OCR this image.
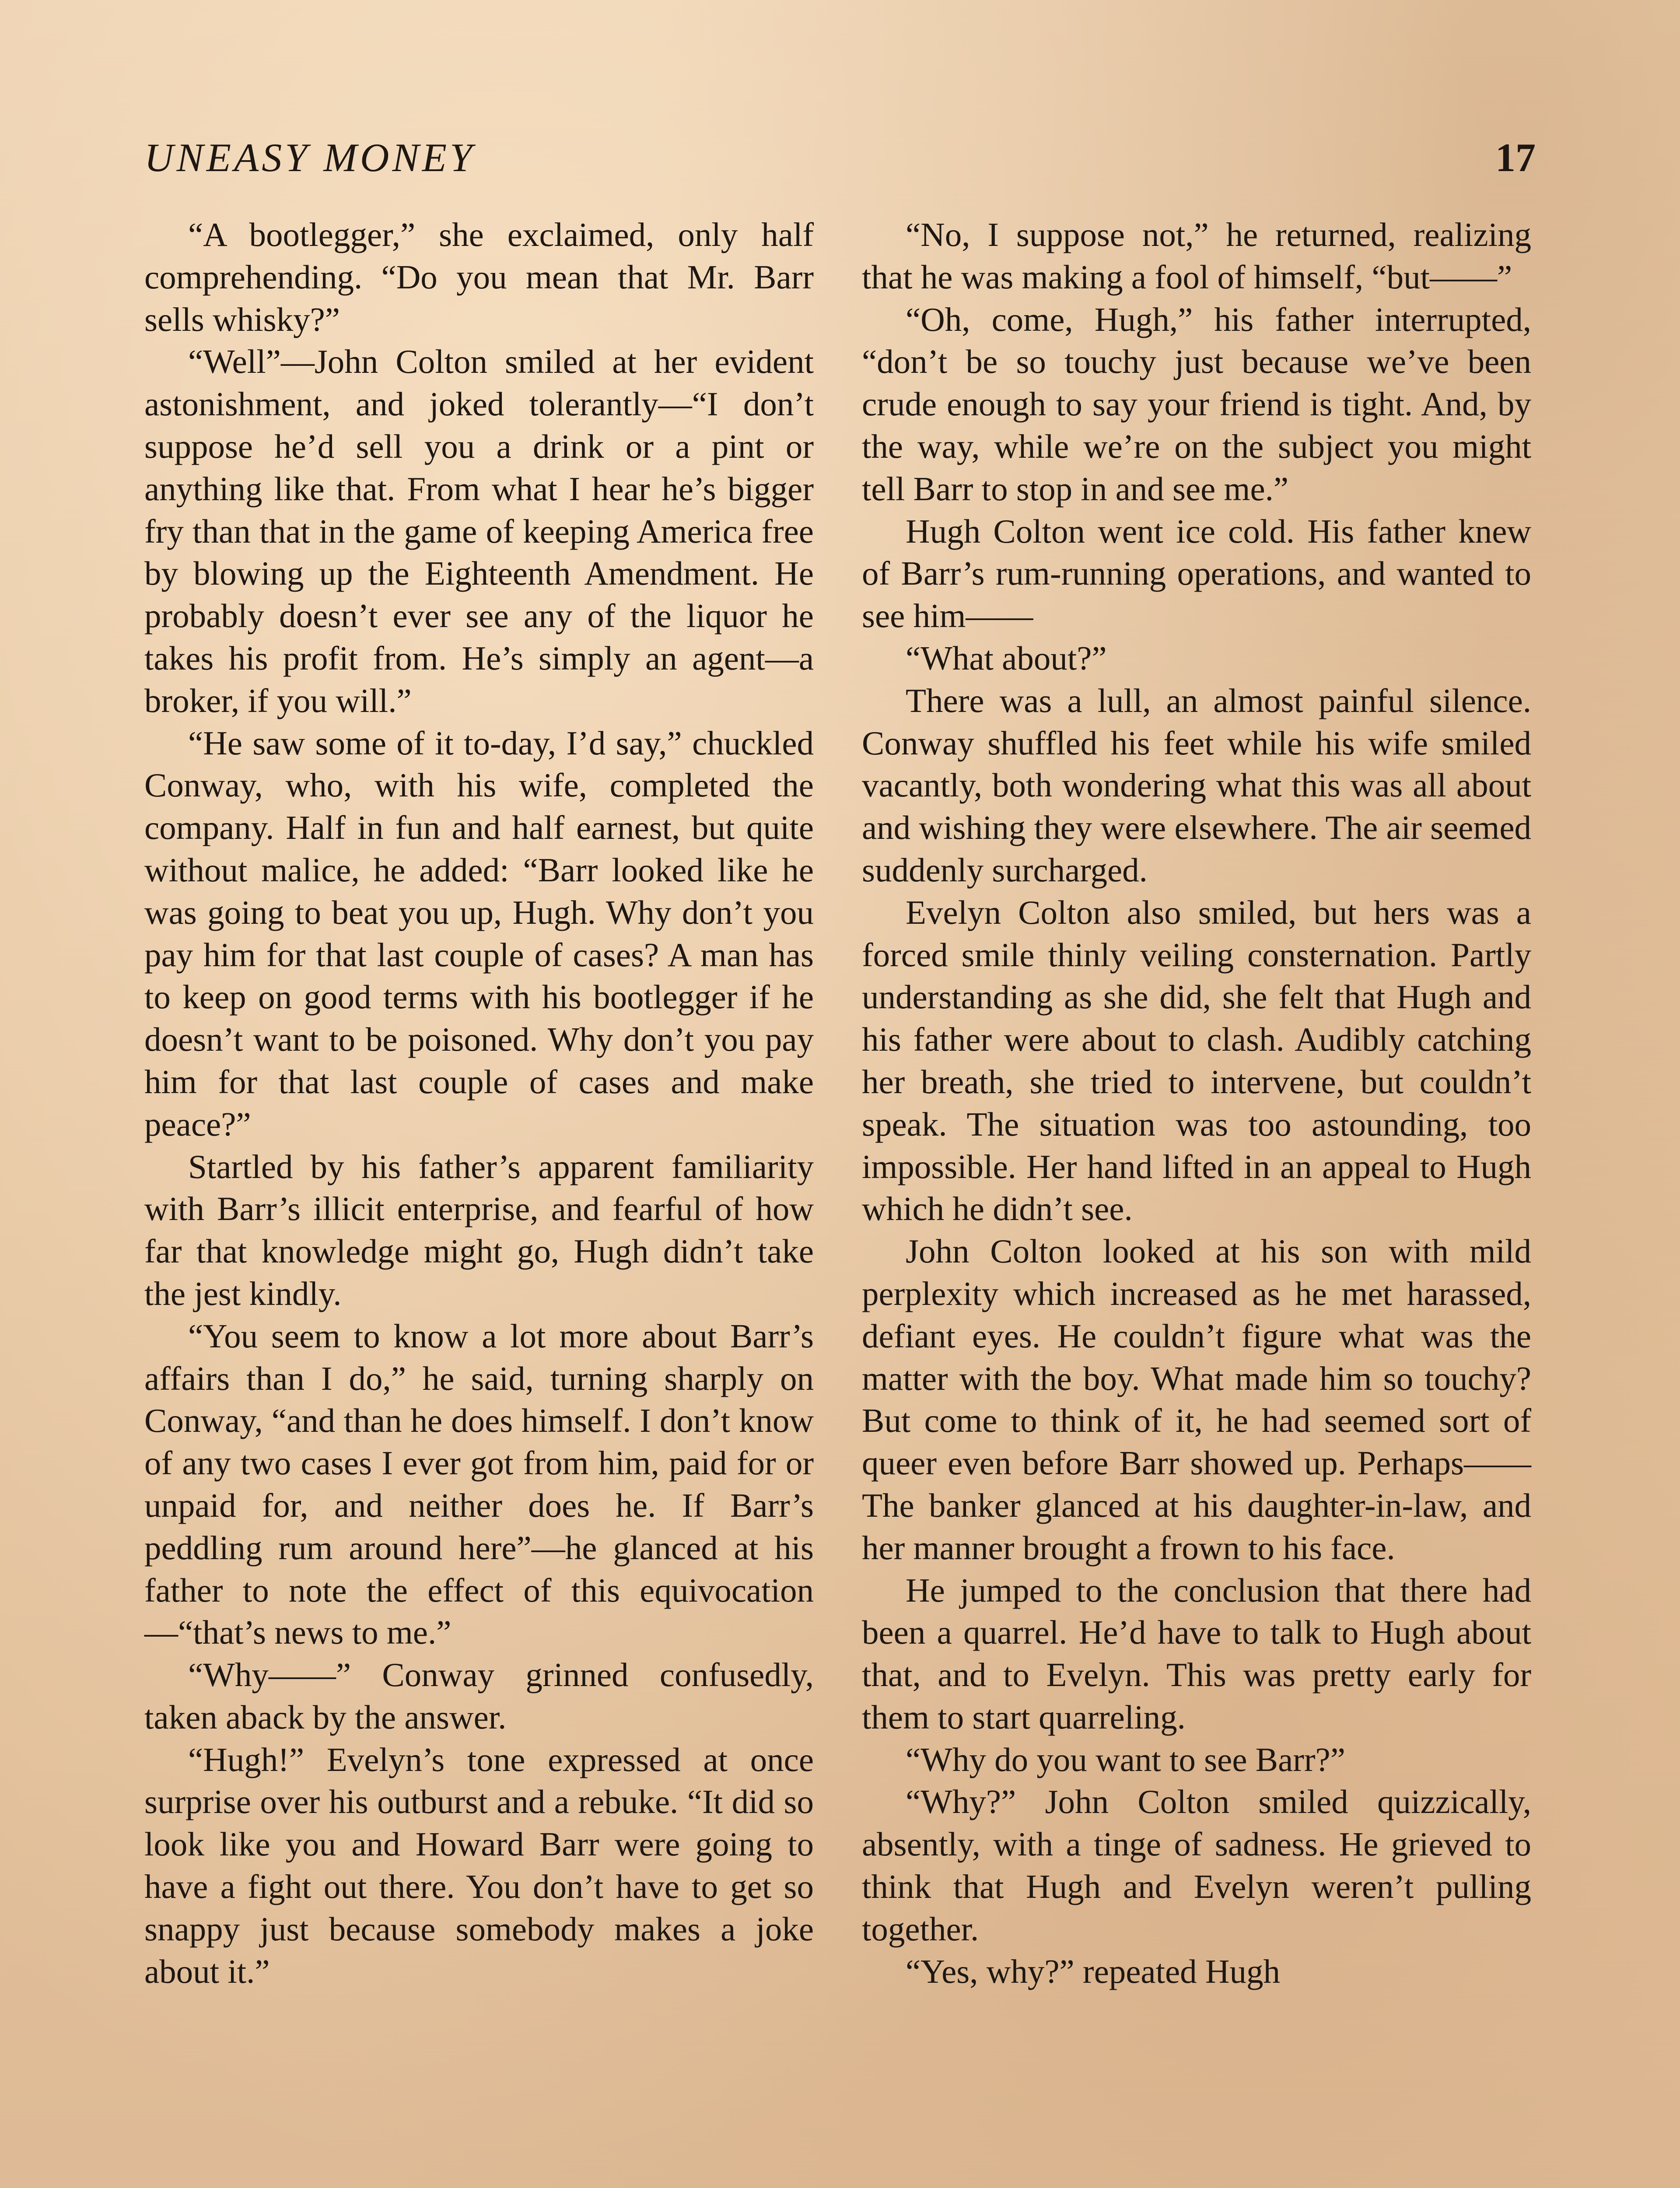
UNEASY MONEY	17

“A bootlegger,” she exclaimed, only half comprehending. “Do you mean that Mr. Barr sells whisky?”

“Well”—John Colton smiled at her evident astonishment, and joked tolerantly—“I don’t suppose he’d sell you a drink or a pint or anything like that. From what I hear he’s bigger fry than that in the game of keeping America free by blowing up the Eighteenth Amendment. He probably doesn’t ever see any of the liquor he takes his profit from. He’s simply an agent—a broker, if you will.”

“He saw some of it to-day, I’d say,” chuckled Conway, who, with his wife, completed the company. Half in fun and half earnest, but quite without malice, he added: “Barr looked like he was going to beat you up, Hugh. Why don’t you pay him for that last couple of cases? A man has to keep on good terms with his bootlegger if he doesn’t want to be poisoned. Why don’t you pay him for that last couple of cases and make peace?”

Startled by his father’s apparent familiarity with Barr’s illicit enterprise, and fearful of how far that knowledge might go, Hugh didn’t take the jest kindly.

“You seem to know a lot more about Barr’s affairs than I do,” he said, turning sharply on Conway, “and than he does himself. I don’t know of any two cases I ever got from him, paid for or unpaid for, and neither does he. If Barr’s peddling rum around here”—he glanced at his father to note the effect of this equivocation—“that’s news to me.”

“Why——” Conway grinned confusedly, taken aback by the answer.

“Hugh!” Evelyn’s tone expressed at once surprise over his outburst and a rebuke. “It did so look like you and Howard Barr were going to have a fight out there. You don’t have to get so snappy just because somebody makes a joke about it.”

“No, I suppose not,” he returned, realizing that he was making a fool of himself, “but——”

“Oh, come, Hugh,” his father interrupted, “don’t be so touchy just because we’ve been crude enough to say your friend is tight. And, by the way, while we’re on the subject you might tell Barr to stop in and see me.”

Hugh Colton went ice cold. His father knew of Barr’s rum-running operations, and wanted to see him——

“What about?”

There was a lull, an almost painful silence. Conway shuffled his feet while his wife smiled vacantly, both wondering what this was all about and wishing they were elsewhere. The air seemed suddenly surcharged.

Evelyn Colton also smiled, but hers was a forced smile thinly veiling consternation. Partly understanding as she did, she felt that Hugh and his father were about to clash. Audibly catching her breath, she tried to intervene, but couldn’t speak. The situation was too astounding, too impossible. Her hand lifted in an appeal to Hugh which he didn’t see.

John Colton looked at his son with mild perplexity which increased as he met harassed, defiant eyes. He couldn’t figure what was the matter with the boy. What made him so touchy? But come to think of it, he had seemed sort of queer even before Barr showed up. Perhaps—— The banker glanced at his daughter-in-law, and her manner brought a frown to his face.

He jumped to the conclusion that there had been a quarrel. He’d have to talk to Hugh about that, and to Evelyn. This was pretty early for them to start quarreling.

“Why do you want to see Barr?”

“Why?” John Colton smiled quizzically, absently, with a tinge of sadness. He grieved to think that Hugh and Evelyn weren’t pulling together.

“Yes, why?” repeated Hugh
